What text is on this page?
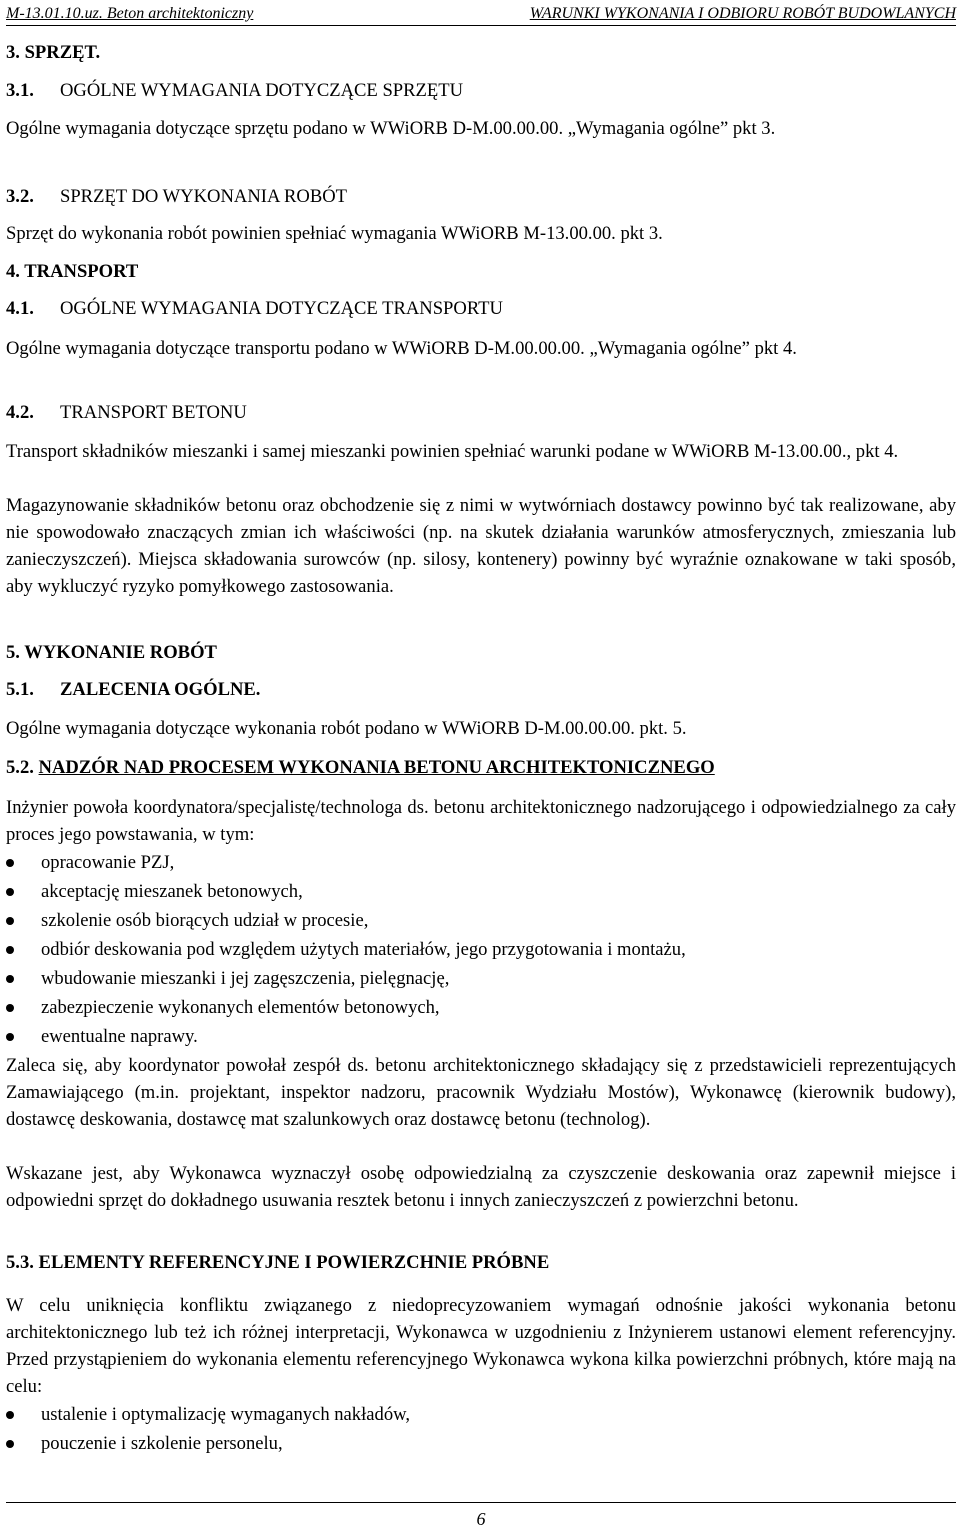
M-13.01.10.uz. Beton architektoniczny	WARUNKI WYKONANIA I ODBIORU ROBÓT BUDOWLANYCH

3. SPRZĘT.

3.1. OGÓLNE WYMAGANIA DOTYCZĄCE SPRZĘTU

Ogólne wymagania dotyczące sprzętu podano w WWiORB D-M.00.00.00. „Wymagania ogólne” pkt 3.

3.2. SPRZĘT DO WYKONANIA ROBÓT

Sprzęt do wykonania robót powinien spełniać wymagania WWiORB M-13.00.00. pkt 3.

4. TRANSPORT

4.1. OGÓLNE WYMAGANIA DOTYCZĄCE TRANSPORTU

Ogólne wymagania dotyczące transportu podano w WWiORB D-M.00.00.00. „Wymagania ogólne” pkt 4.

4.2. TRANSPORT BETONU

Transport składników mieszanki i samej mieszanki powinien spełniać warunki podane w WWiORB M-13.00.00., pkt 4.

Magazynowanie składników betonu oraz obchodzenie się z nimi w wytwórniach dostawcy powinno być tak realizowane, aby nie spowodowało znaczących zmian ich właściwości (np. na skutek działania warunków atmosferycznych, zmieszania lub zanieczyszczeń). Miejsca składowania surowców (np. silosy, kontenery) powinny być wyraźnie oznakowane w taki sposób, aby wykluczyć ryzyko pomyłkowego zastosowania.

5. WYKONANIE ROBÓT

5.1. ZALECENIA OGÓLNE.

Ogólne wymagania dotyczące wykonania robót podano w WWiORB D-M.00.00.00. pkt. 5.

5.2. NADZÓR NAD PROCESEM WYKONANIA BETONU ARCHITEKTONICZNEGO

Inżynier powoła koordynatora/specjalistę/technologa ds. betonu architektonicznego nadzorującego i odpowiedzialnego za cały proces jego powstawania, w tym:

opracowanie PZJ,
akceptację mieszanek betonowych,
szkolenie osób biorących udział w procesie,
odbiór deskowania pod względem użytych materiałów, jego przygotowania i montażu,
wbudowanie mieszanki i jej zagęszczenia, pielęgnację,
zabezpieczenie wykonanych elementów betonowych,
ewentualne naprawy.

Zaleca się, aby koordynator powołał zespół ds. betonu architektonicznego składający się z przedstawicieli reprezentujących Zamawiającego (m.in. projektant, inspektor nadzoru, pracownik Wydziału Mostów), Wykonawcę (kierownik budowy), dostawcę deskowania, dostawcę mat szalunkowych oraz dostawcę betonu (technolog).

Wskazane jest, aby Wykonawca wyznaczył osobę odpowiedzialną za czyszczenie deskowania oraz zapewnił miejsce i odpowiedni sprzęt do dokładnego usuwania resztek betonu i innych zanieczyszczeń z powierzchni betonu.

5.3. ELEMENTY REFERENCYJNE I POWIERZCHNIE PRÓBNE

W celu uniknięcia konfliktu związanego z niedoprecyzowaniem wymagań odnośnie jakości wykonania betonu architektonicznego lub też ich różnej interpretacji, Wykonawca w uzgodnieniu z Inżynierem ustanowi element referencyjny. Przed przystąpieniem do wykonania elementu referencyjnego Wykonawca wykona kilka powierzchni próbnych, które mają na celu:

ustalenie i optymalizację wymaganych nakładów,
pouczenie i szkolenie personelu,
6
